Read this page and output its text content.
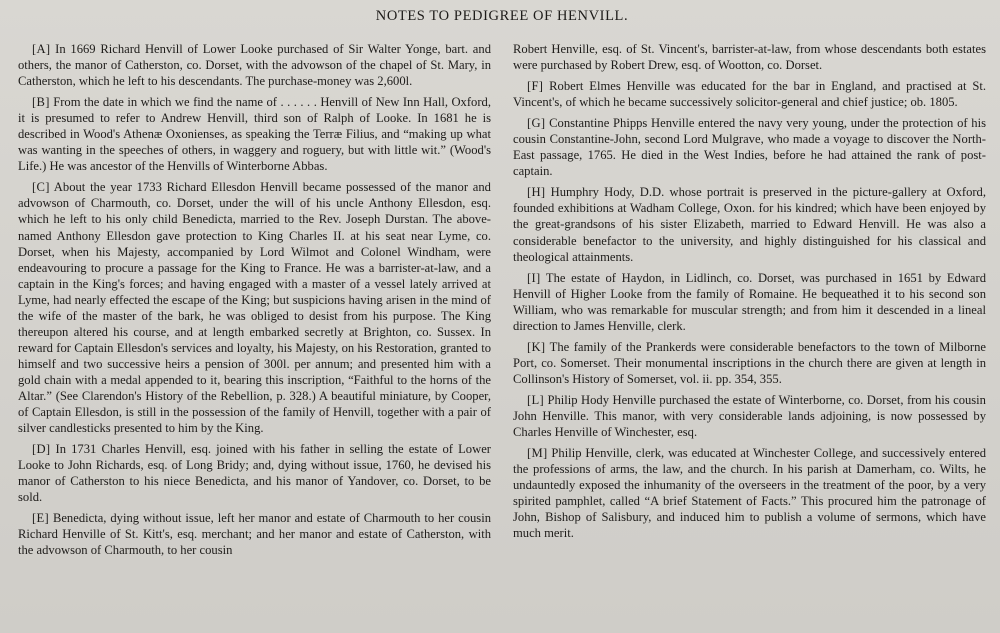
NOTES TO PEDIGREE OF HENVILL.

[A] In 1669 Richard Henvill of Lower Looke purchased of Sir Walter Yonge, bart. and others, the manor of Catherston, co. Dorset, with the advowson of the chapel of St. Mary, in Catherston, which he left to his descendants. The purchase-money was 2,600l.

[B] From the date in which we find the name of . . . . . . Henvill of New Inn Hall, Oxford, it is presumed to refer to Andrew Henvill, third son of Ralph of Looke. In 1681 he is described in Wood's Athenæ Oxonienses, as speaking the Terræ Filius, and “making up what was wanting in the speeches of others, in waggery and roguery, but with little wit.” (Wood's Life.) He was ancestor of the Henvills of Winterborne Abbas.

[C] About the year 1733 Richard Ellesdon Henvill became possessed of the manor and advowson of Charmouth, co. Dorset, under the will of his uncle Anthony Ellesdon, esq. which he left to his only child Benedicta, married to the Rev. Joseph Durstan. The above-named Anthony Ellesdon gave protection to King Charles II. at his seat near Lyme, co. Dorset, when his Majesty, accompanied by Lord Wilmot and Colonel Windham, were endeavouring to procure a passage for the King to France. He was a barrister-at-law, and a captain in the King's forces; and having engaged with a master of a vessel lately arrived at Lyme, had nearly effected the escape of the King; but suspicions having arisen in the mind of the wife of the master of the bark, he was obliged to desist from his purpose. The King thereupon altered his course, and at length embarked secretly at Brighton, co. Sussex. In reward for Captain Ellesdon's services and loyalty, his Majesty, on his Restoration, granted to himself and two successive heirs a pension of 300l. per annum; and presented him with a gold chain with a medal appended to it, bearing this inscription, “Faithful to the horns of the Altar.” (See Clarendon's History of the Rebellion, p. 328.) A beautiful miniature, by Cooper, of Captain Ellesdon, is still in the possession of the family of Henvill, together with a pair of silver candlesticks presented to him by the King.

[D] In 1731 Charles Henvill, esq. joined with his father in selling the estate of Lower Looke to John Richards, esq. of Long Bridy; and, dying without issue, 1760, he devised his manor of Catherston to his niece Benedicta, and his manor of Yandover, co. Dorset, to be sold.

[E] Benedicta, dying without issue, left her manor and estate of Charmouth to her cousin Richard Henville of St. Kitt's, esq. merchant; and her manor and estate of Catherston, with the advowson of Charmouth, to her cousin

Robert Henville, esq. of St. Vincent's, barrister-at-law, from whose descendants both estates were purchased by Robert Drew, esq. of Wootton, co. Dorset.

[F] Robert Elmes Henville was educated for the bar in England, and practised at St. Vincent's, of which he became successively solicitor-general and chief justice; ob. 1805.

[G] Constantine Phipps Henville entered the navy very young, under the protection of his cousin Constantine-John, second Lord Mulgrave, who made a voyage to discover the North-East passage, 1765. He died in the West Indies, before he had attained the rank of post-captain.

[H] Humphry Hody, D.D. whose portrait is preserved in the picture-gallery at Oxford, founded exhibitions at Wadham College, Oxon. for his kindred; which have been enjoyed by the great-grandsons of his sister Elizabeth, married to Edward Henvill. He was also a considerable benefactor to the university, and highly distinguished for his classical and theological attainments.

[I] The estate of Haydon, in Lidlinch, co. Dorset, was purchased in 1651 by Edward Henvill of Higher Looke from the family of Romaine. He bequeathed it to his second son William, who was remarkable for muscular strength; and from him it descended in a lineal direction to James Henville, clerk.

[K] The family of the Prankerds were considerable benefactors to the town of Milborne Port, co. Somerset. Their monumental inscriptions in the church there are given at length in Collinson's History of Somerset, vol. ii. pp. 354, 355.

[L] Philip Hody Henville purchased the estate of Winterborne, co. Dorset, from his cousin John Henville. This manor, with very considerable lands adjoining, is now possessed by Charles Henville of Winchester, esq.

[M] Philip Henville, clerk, was educated at Winchester College, and successively entered the professions of arms, the law, and the church. In his parish at Damerham, co. Wilts, he undauntedly exposed the inhumanity of the overseers in the treatment of the poor, by a very spirited pamphlet, called “A brief Statement of Facts.” This procured him the patronage of John, Bishop of Salisbury, and induced him to publish a volume of sermons, which have much merit.
